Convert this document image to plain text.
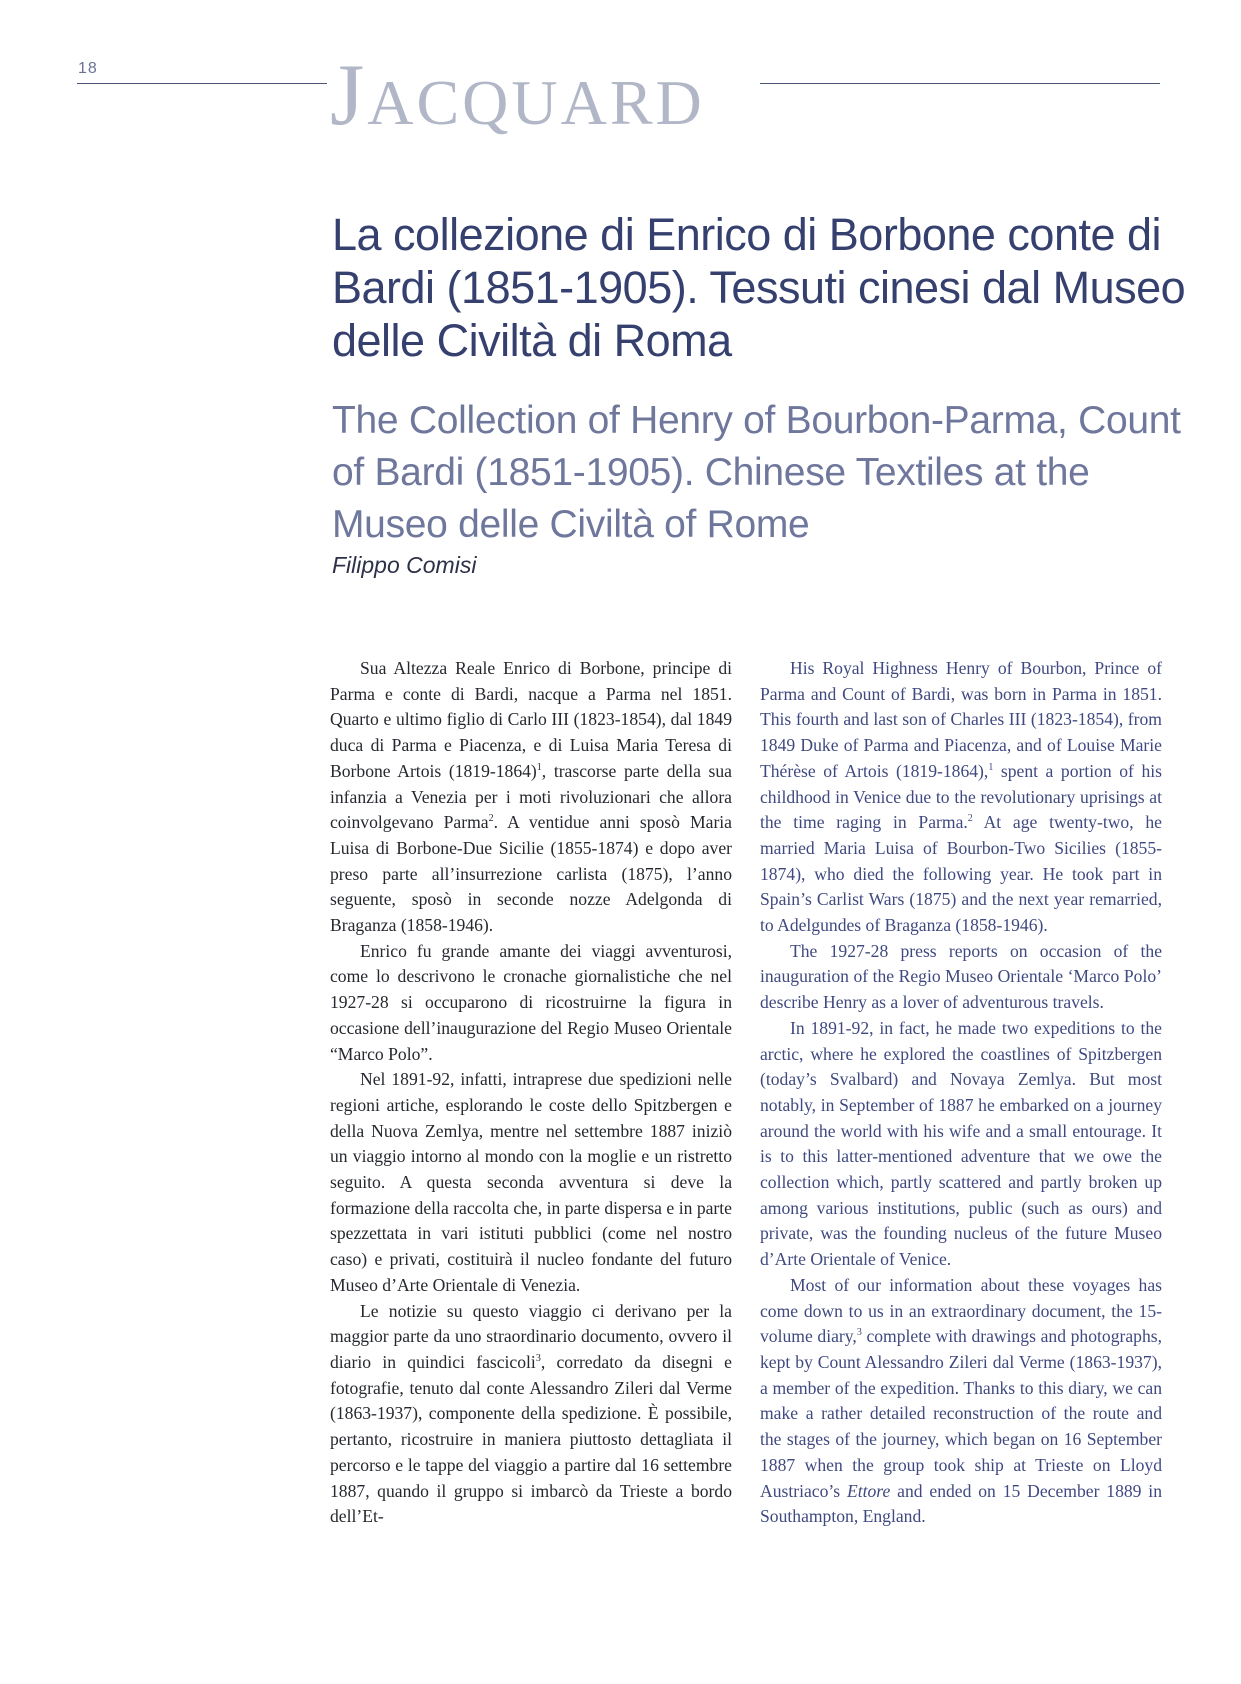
18	JACQUARD
La collezione di Enrico di Borbone conte di Bardi (1851-1905). Tessuti cinesi dal Museo delle Civiltà di Roma
The Collection of Henry of Bourbon-Parma, Count of Bardi (1851-1905). Chinese Textiles at the Museo delle Civiltà of Rome
Filippo Comisi

Sua Altezza Reale Enrico di Borbone, principe di Parma e conte di Bardi, nacque a Parma nel 1851. Quarto e ultimo figlio di Carlo III (1823-1854), dal 1849 duca di Parma e Piacenza, e di Luisa Maria Teresa di Borbone Artois (1819-1864)$^1$, trascorse parte della sua infanzia a Venezia per i moti rivoluzionari che allora coinvolgevano Parma$^2$. A ventidue anni sposò Maria Luisa di Borbone-Due Sicilie (1855-1874) e dopo aver preso parte all’insurrezione carlista (1875), l’anno seguente, sposò in seconde nozze Adelgonda di Braganza (1858-1946).

Enrico fu grande amante dei viaggi avventurosi, come lo descrivono le cronache giornalistiche che nel 1927-28 si occuparono di ricostruirne la figura in occasione dell’inaugurazione del Regio Museo Orientale “Marco Polo”.

Nel 1891-92, infatti, intraprese due spedizioni nelle regioni artiche, esplorando le coste dello Spitzbergen e della Nuova Zemlya, mentre nel settembre 1887 iniziò un viaggio intorno al mondo con la moglie e un ristretto seguito. A questa seconda avventura si deve la formazione della raccolta che, in parte dispersa e in parte spezzettata in vari istituti pubblici (come nel nostro caso) e privati, costituirà il nucleo fondante del futuro Museo d’Arte Orientale di Venezia.

Le notizie su questo viaggio ci derivano per la maggior parte da uno straordinario documento, ovvero il diario in quindici fascicoli$^3$, corredato da disegni e fotografie, tenuto dal conte Alessandro Zileri dal Verme (1863-1937), componente della spedizione. È possibile, pertanto, ricostruire in maniera piuttosto dettagliata il percorso e le tappe del viaggio a partire dal 16 settembre 1887, quando il gruppo si imbarcò da Trieste a bordo dell’Et-

His Royal Highness Henry of Bourbon, Prince of Parma and Count of Bardi, was born in Parma in 1851. This fourth and last son of Charles III (1823-1854), from 1849 Duke of Parma and Piacenza, and of Louise Marie Thérèse of Artois (1819-1864),$^1$ spent a portion of his childhood in Venice due to the revolutionary uprisings at the time raging in Parma.$^2$ At age twenty-two, he married Maria Luisa of Bourbon-Two Sicilies (1855-1874), who died the following year. He took part in Spain’s Carlist Wars (1875) and the next year remarried, to Adelgundes of Braganza (1858-1946).

The 1927-28 press reports on occasion of the inauguration of the Regio Museo Orientale ‘Marco Polo’ describe Henry as a lover of adventurous travels.

In 1891-92, in fact, he made two expeditions to the arctic, where he explored the coastlines of Spitzbergen (today’s Svalbard) and Novaya Zemlya. But most notably, in September of 1887 he embarked on a journey around the world with his wife and a small entourage. It is to this latter-mentioned adventure that we owe the collection which, partly scattered and partly broken up among various institutions, public (such as ours) and private, was the founding nucleus of the future Museo d’Arte Orientale of Venice.

Most of our information about these voyages has come down to us in an extraordinary document, the 15-volume diary,$^3$ complete with drawings and photographs, kept by Count Alessandro Zileri dal Verme (1863-1937), a member of the expedition. Thanks to this diary, we can make a rather detailed reconstruction of the route and the stages of the journey, which began on 16 September 1887 when the group took ship at Trieste on Lloyd Austriaco’s Ettore and ended on 15 December 1889 in Southampton, England.
